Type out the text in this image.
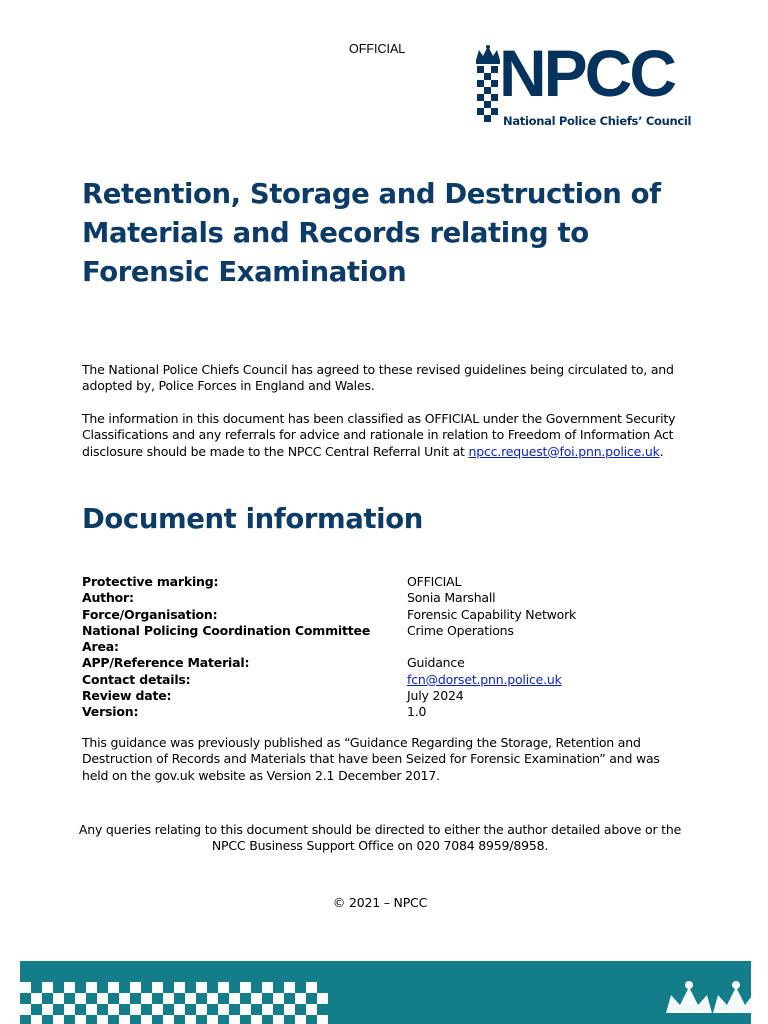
OFFICIAL NPCC
National Police Chiefs’ Council
Retention, Storage and Destruction of Materials and Records relating to Forensic Examination
The National Police Chiefs Council has agreed to these revised guidelines being circulated to, and adopted by, Police Forces in England and Wales.
The information in this document has been classified as OFFICIAL under the Government Security Classifications and any referrals for advice and rationale in relation to Freedom of Information Act disclosure should be made to the NPCC Central Referral Unit at npcc.request@foi.pnn.police.uk.
Document information
Protective marking:	OFFICIAL
Author:	Sonia Marshall
Force/Organisation:	Forensic Capability Network
National Policing Coordination Committee Area:	Crime Operations
APP/Reference Material:	Guidance
Contact details:	fcn@dorset.pnn.police.uk
Review date:	July 2024
Version:	1.0
This guidance was previously published as “Guidance Regarding the Storage, Retention and Destruction of Records and Materials that have been Seized for Forensic Examination” and was held on the gov.uk website as Version 2.1 December 2017.
Any queries relating to this document should be directed to either the author detailed above or the NPCC Business Support Office on 020 7084 8959/8958.
© 2021 – NPCC
